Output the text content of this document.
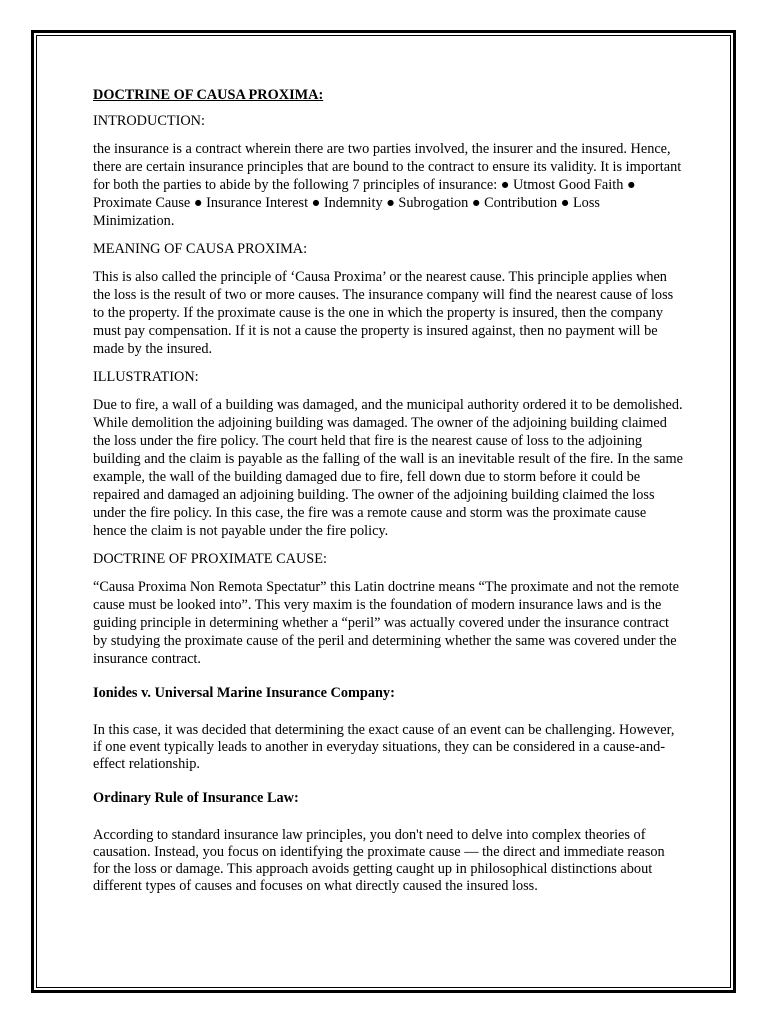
DOCTRINE OF CAUSA PROXIMA:
INTRODUCTION:
the insurance is a contract wherein there are two parties involved, the insurer and the insured. Hence, there are certain insurance principles that are bound to the contract to ensure its validity. It is important for both the parties to abide by the following 7 principles of insurance: ● Utmost Good Faith ● Proximate Cause ● Insurance Interest ● Indemnity ● Subrogation ● Contribution ● Loss Minimization.
MEANING OF CAUSA PROXIMA:
This is also called the principle of ‘Causa Proxima’ or the nearest cause. This principle applies when the loss is the result of two or more causes. The insurance company will find the nearest cause of loss to the property. If the proximate cause is the one in which the property is insured, then the company must pay compensation. If it is not a cause the property is insured against, then no payment will be made by the insured.
ILLUSTRATION:
Due to fire, a wall of a building was damaged, and the municipal authority ordered it to be demolished. While demolition the adjoining building was damaged. The owner of the adjoining building claimed the loss under the fire policy. The court held that fire is the nearest cause of loss to the adjoining building and the claim is payable as the falling of the wall is an inevitable result of the fire. In the same example, the wall of the building damaged due to fire, fell down due to storm before it could be repaired and damaged an adjoining building. The owner of the adjoining building claimed the loss under the fire policy. In this case, the fire was a remote cause and storm was the proximate cause hence the claim is not payable under the fire policy.
DOCTRINE OF PROXIMATE CAUSE:
“Causa Proxima Non Remota Spectatur” this Latin doctrine means “The proximate and not the remote cause must be looked into”. This very maxim is the foundation of modern insurance laws and is the guiding principle in determining whether a “peril” was actually covered under the insurance contract by studying the proximate cause of the peril and determining whether the same was covered under the insurance contract.
Ionides v. Universal Marine Insurance Company:
In this case, it was decided that determining the exact cause of an event can be challenging. However, if one event typically leads to another in everyday situations, they can be considered in a cause-and-effect relationship.
Ordinary Rule of Insurance Law:
According to standard insurance law principles, you don't need to delve into complex theories of causation. Instead, you focus on identifying the proximate cause — the direct and immediate reason for the loss or damage. This approach avoids getting caught up in philosophical distinctions about different types of causes and focuses on what directly caused the insured loss.
